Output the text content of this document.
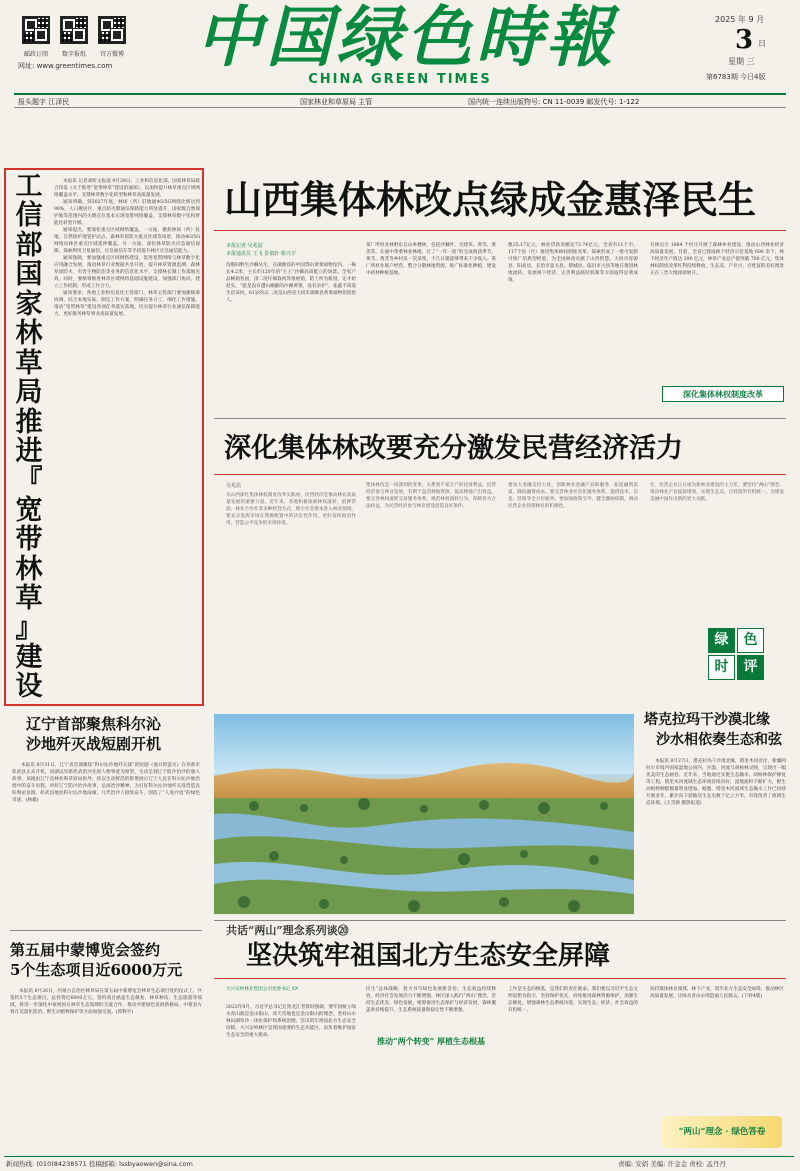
邮政订阅	数字报纸	官方微博
网址: www.greentimes.com 中国绿色時報
CHINA GREEN TIMES
2025 年 9 月
3 日
星期 三
第6783期 今日4版
报头题字 江泽民	国家林业和草原局 主管	国内统一连续出版物号: CN 11-0039 邮发代号: 1-122
工
信
部
国
家
林
草
局
推
进
『
宽
带
林
草
』
建
设

本报讯 记者刘昕文报道 9月28日，工业和信息化部、国家林草局联合印发《关于推进“宽带林草”建设的通知》，以加快提升林草重点区域网络覆盖水平，支撑林草数字化转型和林草高质量发展。

通知明确，到2027年底，林场（所）驻地通4G/5G网络比例达到90%，人口聚居区、重点防火期通信保障能力明显提升，国家级自然保护地等范围内的关键点位基本实现宽带网络覆盖，支撑林草数字化和智能化转型升级。

通知提出，要深化重点区域网络覆盖。一方面，聚焦林场（所）驻地、自然保护地管护站点、森林草原防火重点区域等场景，推动4G/5G网络向林区重点区域延伸覆盖。另一方面，深化林草防火应急通信保障，探索利用卫星通信、应急通信车等手段提升林区应急通信能力。

通知强调，要加强重点区域网络建设，促进宽带网络与林草数字化应用融合发展，推动林草行业数据共享开放，提升林草资源监测、森林草原防火、有害生物防治等业务的信息化水平，支撑林长制工作落地见效。同时，要统筹推进林草区域网络基础设施建设，加强部门协同，建立工作机制，形成工作合力。

通知要求，各地工业和信息化主管部门、林草主管部门要加强统筹协调，结合本地实际，制定工作方案，明确任务分工，细化工作措施，推动“宽带林草”建设各项任务落实落地，切实提升林草行业通信保障能力，更好服务林草事业高质量发展。

山西集体林改点绿成金惠泽民生
本报记者 吴兆喆
本报通讯员 王飞 景愔轩 柴兴宇
沟壑间野生沙棘丛生。在湖源县的中国鄂山黄菜福物馆内，一株长4.2米、主长约120年的“王王”沙棘高高挺立的场景。全家产品畅销各国，国二度仔细栽两苏推展销，陪上所为新园，定才始赵头，“愿是没有遭山幽静的沙棘黄菜，没有亲护”，张鑫不知道生活该何。61岁的吴二虎是山西省大同市湖源县黄菜福物馆创始人。
茶厂所村业林野东自山乡楼林，包括沙棘叶、毛建苯、黄芩、黄芪等。在通中黄菜林业林地，过了“一年一度”的宝成收获季节，黄芩、黄芪等乡村采一次采集，不几日就能够带来不少收入。茶厂所村业联户经营，整合分散林地资源，推广标准化种植，建设中药材种植基地。
数25.17亿元，林业贷款余额达73.74亿元。全省有11个市、117个县（区）推进集体林权制度改革，探索形成了一批可复制可推广的典型经验，为全国林改贡献了山西智慧。大同市浑源县、阳高县，长治市壶关县、黎城县，临汾市古县等地在推进林地流转、发展林下经济、完善利益联结机制等方面取得显著成效。
有林员引 1084 个村庄开展了森林乡村建设，推动山西林业经济高质量发展。目前，全省已建成林下经济示范基地 600 余个，林下经济年产值达 290 亿元，林草产业总产值突破 700 亿元，集体林权制度改革红利持续释放，生态美、产业兴、百姓富的美好图景正在三晋大地徐徐展开。
深化集体林权制度改革
深化集体林改要充分激发民营经济活力
吴兆喆
从山西深化集体林权制度改革实践看，民营经济是推动林业高质量发展的重要力量。近年来，各地积极探索林权流转、抵押贷款、林业合作社等多种经营方式，吸引社会资本进入林业领域。要充分发挥市场在资源配置中的决定性作用，更好发挥政府作用，营造公平竞争的市场环境。
集体林改是一场深刻的变革，关系到千家万户的切身利益。民营经济参与林业发展，有利于盘活林地资源，提高林地产出效益。要完善林权流转交易服务体系，规范林权流转行为，保障各方合法权益，为民营经济参与林业建设创造良好条件。
要加大金融支持力度，创新林业金融产品和服务，拓宽融资渠道，降低融资成本。要完善林业社会化服务体系，提供技术、信息、营销等全方位服务。要加强政策引导，健全激励机制，调动民营企业投资林业的积极性。
社，民营企业正在成为新林业建设的主力军。要坚持“两山”理念，推动林业产业提质增效，实现生态美、百姓富的有机统一，为建设美丽中国作出新的更大贡献。
绿	色
时	评
辽宁首部聚焦科尔沁
沙地歼灭战短剧开机

本报讯 8月31日，辽宁省首部聚焦“科尔沁沙地歼灭战”的短剧《他日的萤火》在阜新市彰武县正式开机，该剧以阜新彰武治沙先进人物事迹为原型，生动呈现辽宁防沙治沙的感人故事。该剧由辽宁省林业和草原局指导，将以生动鲜活的影像展示辽宁人民在科尔沁沙地治理中的奋斗历程，讲好辽宁防沙治沙故事，弘扬治沙精神，为打好科尔沁沙地歼灭战营造良好舆论氛围。彰武县地处科尔沁沙地南缘，几代治沙人接续奋斗，创造了“人进沙退”的绿色奇迹。(杨雄)

第五届中蒙博览会签约
5个生态项目近6000万元

本报讯 8月26日，内蒙古自治区林草局在第五届中蒙博览会林草生态项目签约仪式上，共签约5个生态项目，总投资近6000万元。签约项目涵盖生态修复、林草种苗、生态旅游等领域，将进一步深化中蒙两国在林草生态领域的交流合作，推动共建绿色发展新格局。中蒙双方将在荒漠化防治、野生动植物保护等方面加强交流。(郭利平)

塔克拉玛干沙漠北缘
沙水相依奏生态和弦

本报讯 8月27日，塔克拉玛干沙漠北缘，塔里木河北岸，新疆阿拉尔市境内国家湿地公园内，沙漠、河流与胡杨林交映，呈现出一幅优美的生态画卷。近年来，当地通过实施生态输水、胡杨林保护修复等工程，塔里木河流域生态环境持续向好，湿地面积不断扩大，野生动植物种群数量明显增加。据悉，塔里木河流域生态输水工作已持续开展多年，累计向下游输送生态水数十亿立方米，有效改善了流域生态环境。(王雪源 摄影报道)

共话“两山”理念系列谈⑳
坚决筑牢祖国北方生态安全屏障
大兴安岭林业集团公司党委书记 XX
2023年9月，习近平总书记在黑龙江考察时强调，要牢固树立绿水青山就是金山银山、冰天雪地也是金山银山的理念，坚持山水林田湖草沙一体化保护和系统治理，坚决筑牢祖国北方生态安全屏障。大兴安岭林区是我国重要的生态功能区，肩负着维护国家生态安全的重大使命。
民生“总体战略，着力书写绿色发展新答卷。生态效益持续释放，经济社会发展活力不断增强。林区深入践行“两山”理念，坚持生态优先、绿色发展，统筹推进生态保护与经济发展，森林覆盖率持续提升，生态系统质量和稳定性不断增强。
推动“两个转变” 厚植生态根基
工作是生态的根基，是我们的责任使命。我们要以习近平生态文明思想为指引，坚持保护优先，持续推进森林资源保护，加强生态修复，增强森林生态系统功能，实现生态、经济、社会效益的有机统一。
扶持群体林业领域，林下产业，筑牢北方生态安全屏障，推动林区高质量发展，让绿水青山永续造福人民群众。(下转4版)
“两山”理念 · 绿色答卷
新闻热线: (010)84238571 投稿邮箱: lssbyaowen@sina.com	责编: 安娟 美编: 许金金 责校: 孟丹丹
